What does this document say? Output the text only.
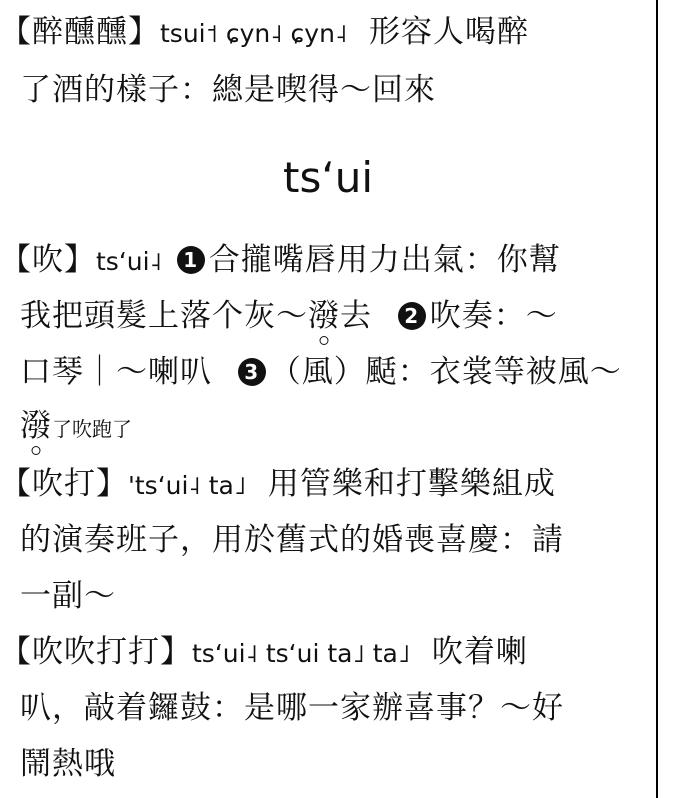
【醉醺醺】tsui˦ ɕyn˨ ɕyn˨ 形容人喝醉
了酒的樣子：總是喫得～回來
ts‘ui
【吹】ts‘ui˨ 1 合攏嘴唇用力出氣：你幫
我把頭髮上落个灰～潑
去 2 吹奏：～
口琴｜～喇叭 3 （風）颳：衣裳等被風～
潑了吹跑了
【吹打】'ts‘ui˨ ta˩ 用管樂和打擊樂組成
的演奏班子，用於舊式的婚喪喜慶：請
一副～
【吹吹打打】ts‘ui˨ ts‘ui ta˩ ta˩ 吹着喇
叭，敲着鑼鼓：是哪一家辦喜事？～好
鬧熱哦
